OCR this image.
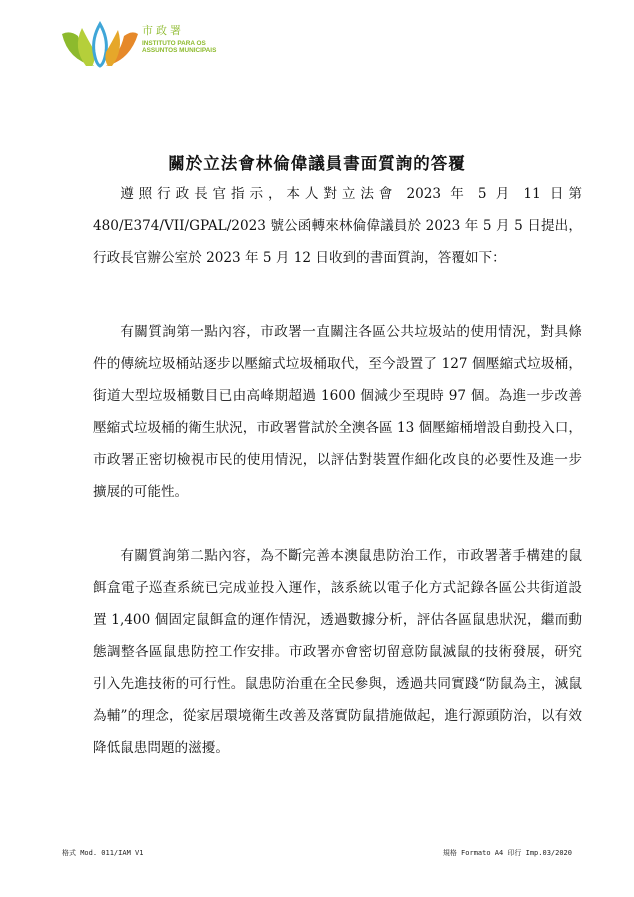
市政署
INSTITUTO PARA OS
ASSUNTOS MUNICIPAIS
關於立法會林倫偉議員書面質詢的答覆

遵照行政長官指示，本人對立法會 2023 年 5 月 11 日第 480/E374/VII/GPAL/2023 號公函轉來林倫偉議員於 2023 年 5 月 5 日提出，行政長官辦公室於 2023 年 5 月 12 日收到的書面質詢，答覆如下：

有關質詢第一點內容，市政署一直關注各區公共垃圾站的使用情況，對具條件的傳統垃圾桶站逐步以壓縮式垃圾桶取代，至今設置了 127 個壓縮式垃圾桶，街道大型垃圾桶數目已由高峰期超過 1600 個減少至現時 97 個。為進一步改善壓縮式垃圾桶的衛生狀況，市政署嘗試於全澳各區 13 個壓縮桶增設自動投入口，市政署正密切檢視市民的使用情況，以評估對裝置作細化改良的必要性及進一步擴展的可能性。

有關質詢第二點內容，為不斷完善本澳鼠患防治工作，市政署著手構建的鼠餌盒電子巡查系統已完成並投入運作，該系統以電子化方式記錄各區公共街道設置 1,400 個固定鼠餌盒的運作情況，透過數據分析，評估各區鼠患狀況，繼而動態調整各區鼠患防控工作安排。市政署亦會密切留意防鼠滅鼠的技術發展，研究引入先進技術的可行性。鼠患防治重在全民參與，透過共同實踐“防鼠為主，滅鼠為輔”的理念，從家居環境衛生改善及落實防鼠措施做起，進行源頭防治，以有效降低鼠患問題的滋擾。

格式 Mod. 011/IAM V1	規格 Formato A4 印行 Imp.03/2020
